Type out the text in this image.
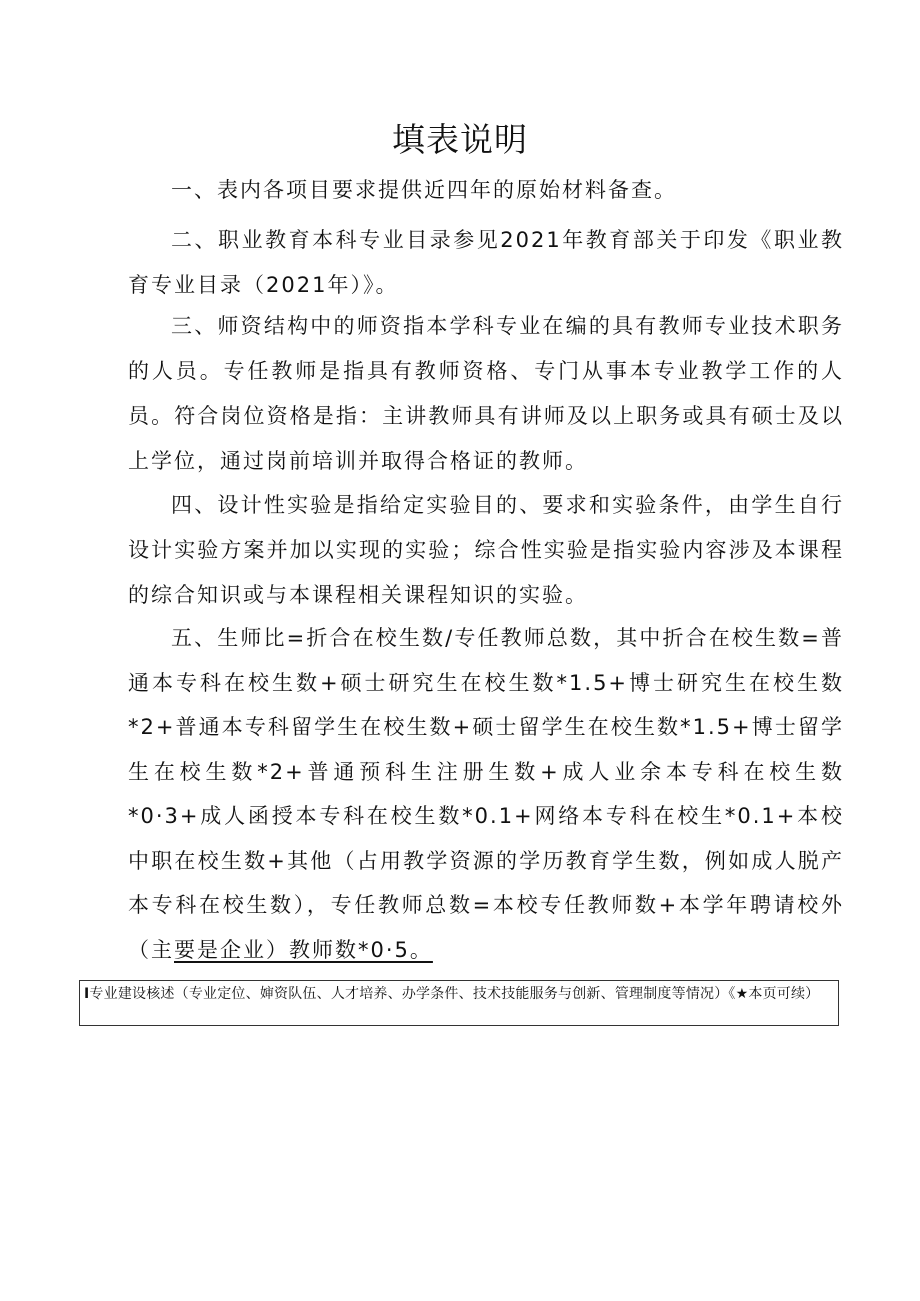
填表说明

一、表内各项目要求提供近四年的原始材料备查。

二、职业教育本科专业目录参见2021年教育部关于印发《职业教育专业目录（2021年）》。

三、师资结构中的师资指本学科专业在编的具有教师专业技术职务的人员。专任教师是指具有教师资格、专门从事本专业教学工作的人员。符合岗位资格是指：主讲教师具有讲师及以上职务或具有硕士及以上学位，通过岗前培训并取得合格证的教师。

四、设计性实验是指给定实验目的、要求和实验条件，由学生自行设计实验方案并加以实现的实验；综合性实验是指实验内容涉及本课程的综合知识或与本课程相关课程知识的实验。

五、生师比=折合在校生数/专任教师总数，其中折合在校生数=普通本专科在校生数+硕士研究生在校生数*1.5+博士研究生在校生数*2+普通本专科留学生在校生数+硕士留学生在校生数*1.5+博士留学生在校生数*2+普通预科生注册生数+成人业余本专科在校生数*0·3+成人函授本专科在校生数*0.1+网络本专科在校生*0.1+本校中职在校生数+其他（占用教学资源的学历教育学生数，例如成人脱产本专科在校生数），专任教师总数=本校专任教师数+本学年聘请校外（主要是企业）教师数*0·5。

I专业建设核述（专业定位、婶资队伍、人才培养、办学条件、技术技能服务与创新、管理制度等情况）《★本页可续）
